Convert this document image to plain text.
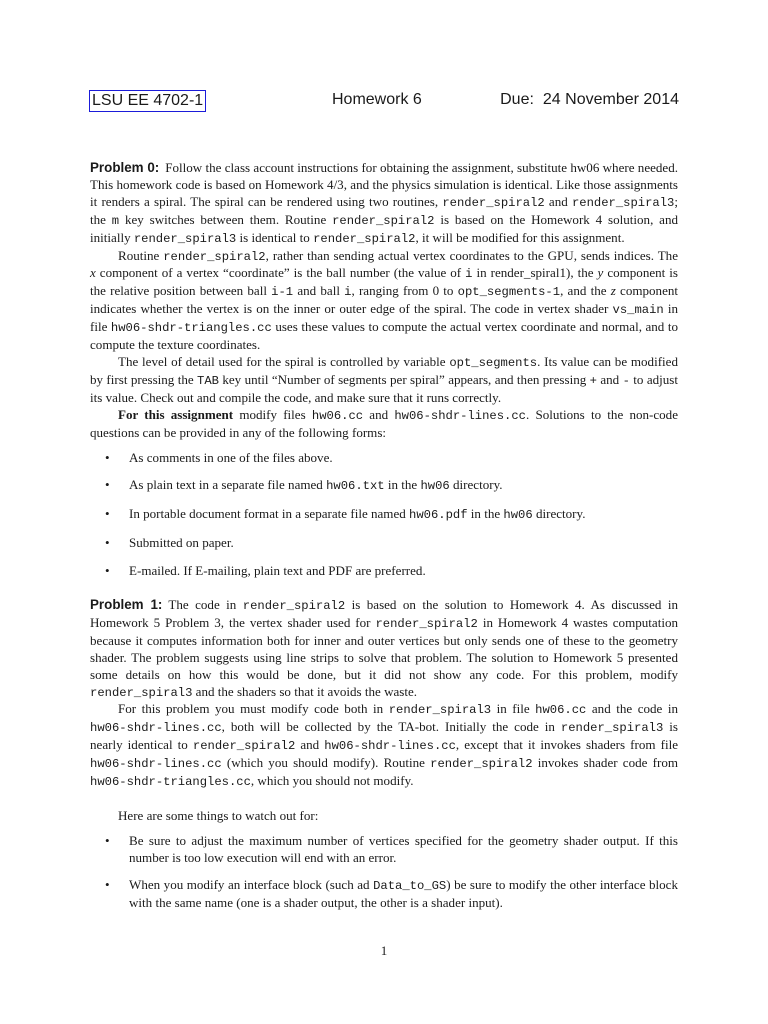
LSU EE 4702-1	Homework 6	Due: 24 November 2014

Problem 0: Follow the class account instructions for obtaining the assignment, substitute hw06 where needed. This homework code is based on Homework 4/3, and the physics simulation is identical. Like those assignments it renders a spiral. The spiral can be rendered using two routines, render_spiral2 and render_spiral3; the m key switches between them. Routine render_spiral2 is based on the Homework 4 solution, and initially render_spiral3 is identical to render_spiral2, it will be modified for this assignment.

Routine render_spiral2, rather than sending actual vertex coordinates to the GPU, sends indices. The x component of a vertex “coordinate” is the ball number (the value of i in render_spiral1), the y component is the relative position between ball i-1 and ball i, ranging from 0 to opt_segments-1, and the z component indicates whether the vertex is on the inner or outer edge of the spiral. The code in vertex shader vs_main in file hw06-shdr-triangles.cc uses these values to compute the actual vertex coordinate and normal, and to compute the texture coordinates.

The level of detail used for the spiral is controlled by variable opt_segments. Its value can be modified by first pressing the TAB key until “Number of segments per spiral” appears, and then pressing + and - to adjust its value. Check out and compile the code, and make sure that it runs correctly.

For this assignment modify files hw06.cc and hw06-shdr-lines.cc. Solutions to the non-code questions can be provided in any of the following forms:

• As comments in one of the files above.
• As plain text in a separate file named hw06.txt in the hw06 directory.
• In portable document format in a separate file named hw06.pdf in the hw06 directory.
• Submitted on paper.
• E-mailed. If E-mailing, plain text and PDF are preferred.

Problem 1: The code in render_spiral2 is based on the solution to Homework 4. As discussed in Homework 5 Problem 3, the vertex shader used for render_spiral2 in Homework 4 wastes computation because it computes information both for inner and outer vertices but only sends one of these to the geometry shader. The problem suggests using line strips to solve that problem. The solution to Homework 5 presented some details on how this would be done, but it did not show any code. For this problem, modify render_spiral3 and the shaders so that it avoids the waste.

For this problem you must modify code both in render_spiral3 in file hw06.cc and the code in hw06-shdr-lines.cc, both will be collected by the TA-bot. Initially the code in render_spiral3 is nearly identical to render_spiral2 and hw06-shdr-lines.cc, except that it invokes shaders from file hw06-shdr-lines.cc (which you should modify). Routine render_spiral2 invokes shader code from hw06-shdr-triangles.cc, which you should not modify.

Here are some things to watch out for:

• Be sure to adjust the maximum number of vertices specified for the geometry shader output. If this number is too low execution will end with an error.
• When you modify an interface block (such ad Data_to_GS) be sure to modify the other interface block with the same name (one is a shader output, the other is a shader input).
1
